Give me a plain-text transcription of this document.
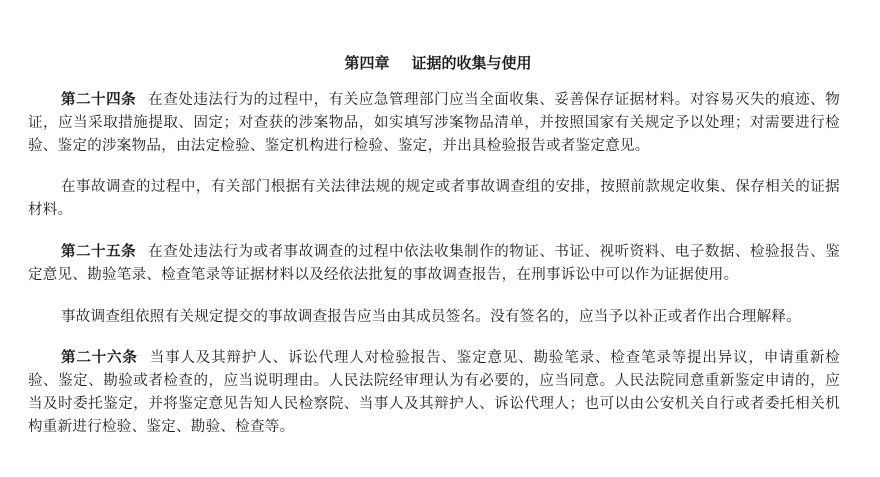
第四章 证据的收集与使用

第二十四条 在查处违法行为的过程中，有关应急管理部门应当全面收集、妥善保存证据材料。对容易灭失的痕迹、物证，应当采取措施提取、固定；对查获的涉案物品，如实填写涉案物品清单，并按照国家有关规定予以处理；对需要进行检验、鉴定的涉案物品，由法定检验、鉴定机构进行检验、鉴定，并出具检验报告或者鉴定意见。

在事故调查的过程中，有关部门根据有关法律法规的规定或者事故调查组的安排，按照前款规定收集、保存相关的证据材料。

第二十五条 在查处违法行为或者事故调查的过程中依法收集制作的物证、书证、视听资料、电子数据、检验报告、鉴定意见、勘验笔录、检查笔录等证据材料以及经依法批复的事故调查报告，在刑事诉讼中可以作为证据使用。

事故调查组依照有关规定提交的事故调查报告应当由其成员签名。没有签名的，应当予以补正或者作出合理解释。

第二十六条 当事人及其辩护人、诉讼代理人对检验报告、鉴定意见、勘验笔录、检查笔录等提出异议，申请重新检验、鉴定、勘验或者检查的，应当说明理由。人民法院经审理认为有必要的，应当同意。人民法院同意重新鉴定申请的，应当及时委托鉴定，并将鉴定意见告知人民检察院、当事人及其辩护人、诉讼代理人；也可以由公安机关自行或者委托相关机构重新进行检验、鉴定、勘验、检查等。
